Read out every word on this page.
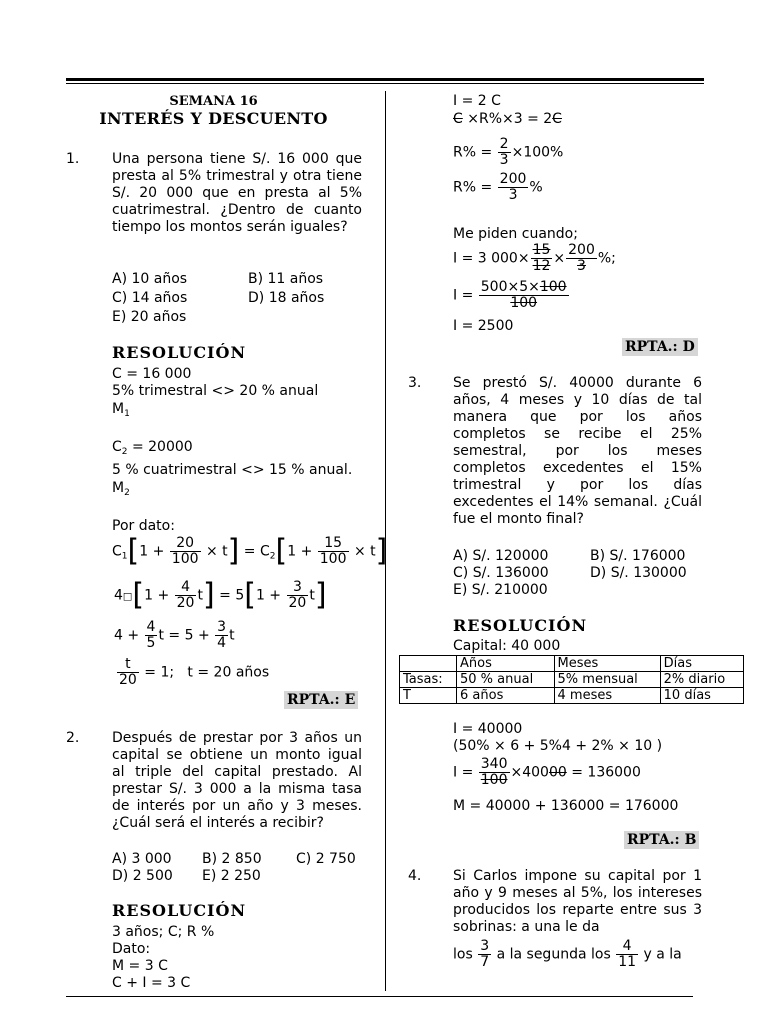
SEMANA 16
INTERÉS Y DESCUENTO
1. Una persona tiene S/. 16 000 que presta al 5% trimestral y otra tiene S/. 20 000 que en presta al 5% cuatrimestral. ¿Dentro de cuanto tiempo los montos serán iguales?
A) 10 años	B) 11 años
C) 14 años	D) 18 años
E) 20 años
RESOLUCIÓN
C = 16 000
5% trimestral <> 20 % anual
$M_1$
$C_2 = 20000$
5 % cuatrimestral <> 15 % anual.
$M_2$
Por dato:
$C_1[1 + \frac{20}{100} \times t] = C_2[1 + \frac{15}{100} \times t]$
4□[1 + $\frac{4}{20} t] = 5[1 + \frac{3}{20} t]$
$4 + \frac{4}{5}$ $t = 5 + \frac{3}{4}$ t
$\frac{t}{20} = 1$;   t = 20 años
RPTA.: E
2. Después de prestar por 3 años un capital se obtiene un monto igual al triple del capital prestado. Al prestar S/. 3 000 a la misma tasa de interés por un año y 3 meses. ¿Cuál será el interés a recibir?
A) 3 000 B) 2 850 C) 2 750
D) 2 500 E) 2 250
RESOLUCIÓN
3 años; C; R %
Dato:
M = 3 C
C + I = 3 C
I = 2 C
C ×R%×3 = 2C
$R\% = \frac{2}{3} \times 100\%$
$R\% = \frac{200}{3}$ %
Me piden cuando;
I = 3 $000\times \frac{15}{12} \times \frac{200}{3}$ %;
$I = \frac{500\times 5\times 100}{100}$
I = 2500
RPTA.: D
3. Se prestó S/. 40000 durante 6 años, 4 meses y 10 días de tal manera que por los años completos se recibe el 25% semestral, por los meses completos excedentes el 15% trimestral y por los días excedentes el 14% semanal. ¿Cuál fue el monto final?
A) S/. 120000	B) S/. 176000
C) S/. 136000	D) S/. 130000
E) S/. 210000
RESOLUCIÓN
Capital: 40 000
	Años	Meses	Días
Tasas:	50 % anual	5% mensual	2% diario
T	6 años	4 meses	10 días
I = 40000
(50% × 6 + 5%4 + 2% × 10 )
$I = \frac{340}{100} \times 40000 = 136000$
M = 40000 + 136000 = 176000
RPTA.: B
4. Si Carlos impone su capital por 1 año y 9 meses al 5%, los intereses producidos los reparte entre sus 3 sobrinas: a una le da
los $\frac{3}{7}$ a la segunda los $\frac{4}{11}$ y a la
